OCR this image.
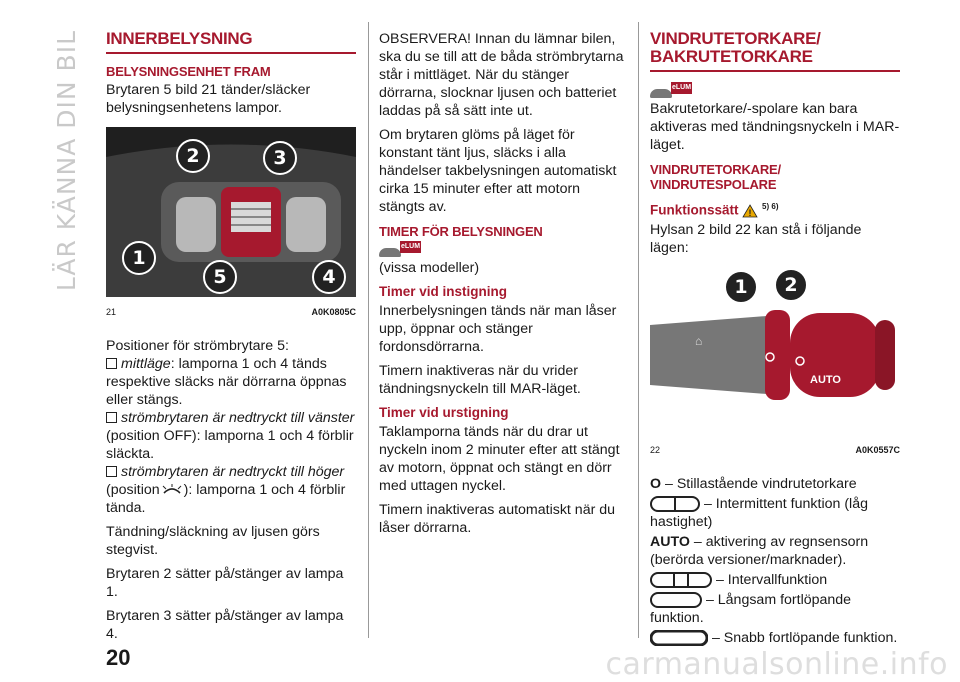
LÄR KÄNNA DIN BIL INNERBELYSNING
BELYSNINGSENHET FRAM

Brytaren 5 bild 21 tänder/släcker belysningsenhetens lampor.

2	3
1
5	4
21	A0K0805C

Positioner för strömbrytare 5:

mittläge: lamporna 1 och 4 tänds respektive släcks när dörrarna öppnas eller stängs.

strömbrytaren är nedtryckt till vänster (position OFF): lamporna 1 och 4 förblir släckta.

strömbrytaren är nedtryckt till höger
(position ): lamporna 1 och 4 förblir tända.

Tändning/släckning av ljusen görs stegvist.

Brytaren 2 sätter på/stänger av lampa 1.

Brytaren 3 sätter på/stänger av lampa 4.

OBSERVERA! Innan du lämnar bilen, ska du se till att de båda strömbrytarna står i mittläget. När du stänger dörrarna, slocknar ljusen och batteriet laddas på så sätt inte ut.

Om brytaren glöms på läget för konstant tänt ljus, släcks i alla händelser takbelysningen automatiskt cirka 15 minuter efter att motorn stängts av.

TIMER FÖR BELYSNINGEN
eLUM

(vissa modeller)

Timer vid instigning

Innerbelysningen tänds när man låser upp, öppnar och stänger fordonsdörrarna.

Timern inaktiveras när du vrider tändningsnyckeln till MAR-läget.

Timer vid urstigning

Taklamporna tänds när du drar ut nyckeln inom 2 minuter efter att stängt av motorn, öppnat och stängt en dörr med uttagen nyckel.

Timern inaktiveras automatiskt när du låser dörrarna.

VINDRUTETORKARE/ BAKRUTETORKARE
eLUM

Bakrutetorkare/-spolare kan bara aktiveras med tändningsnyckeln i MAR-läget.

VINDRUTETORKARE/ VINDRUTESPOLARE
Funktionssätt !
$^{5) 6)}$

Hylsan 2 bild 22 kan stå i följande lägen:

⌂
AUTO
1	2
22	A0K0557C

O – Stillastående vindrutetorkare

– Intermittent funktion (låg hastighet)

AUTO – aktivering av regnsensorn (berörda versioner/marknader).

– Intervallfunktion

– Långsam fortlöpande funktion.

– Snabb fortlöpande funktion.

20	carmanualsonline.info
